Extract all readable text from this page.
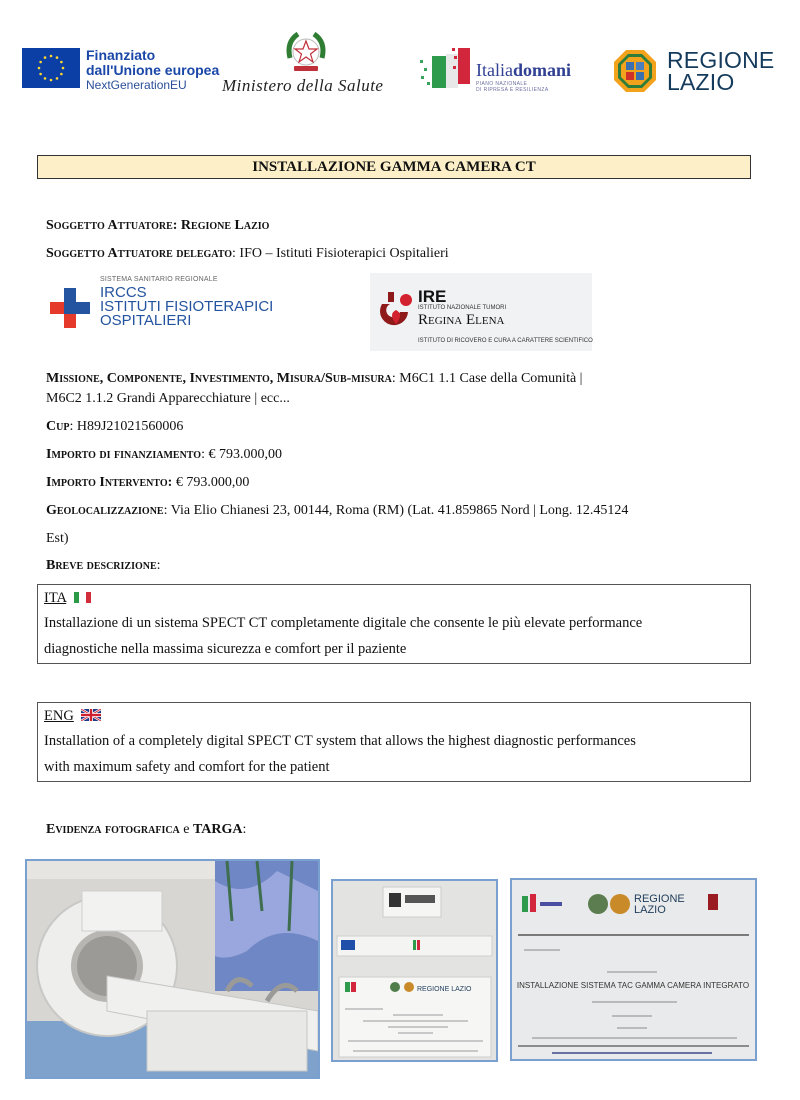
Finanziato
dall'Unione europea
NextGenerationEU	Ministero della Salute
Italiadomani
PIANO NAZIONALE
DI RIPRESA E RESILIENZA
REGIONE
LAZIO
INSTALLAZIONE GAMMA CAMERA CT
Soggetto Attuatore: Regione Lazio
Soggetto Attuatore delegato: IFO – Istituti Fisioterapici Ospitalieri
SISTEMA SANITARIO REGIONALE
IRCCS
ISTITUTI FISIOTERAPICI
OSPITALIERI
IRE
ISTITUTO NAZIONALE TUMORI
Regina Elena
ISTITUTO DI RICOVERO E CURA A CARATTERE SCIENTIFICO
Missione, Componente, Investimento, Misura/Sub-misura: M6C1 1.1 Case della Comunità |
M6C2 1.1.2 Grandi Apparecchiature | ecc...
Cup: H89J21021560006
Importo di finanziamento: € 793.000,00
Importo Intervento: € 793.000,00
Geolocalizzazione: Via Elio Chianesi 23, 00144, Roma (RM) (Lat. 41.859865 Nord | Long. 12.45124
Est)
Breve descrizione:
ITA
Installazione di un sistema SPECT CT completamente digitale che consente le più elevate performance
diagnostiche nella massima sicurezza e comfort per il paziente
ENG
Installation of a completely digital SPECT CT system that allows the highest diagnostic performances
with maximum safety and comfort for the patient
Evidenza fotografica e TARGA:
REGIONE LAZIO
REGIONE
LAZIO
INSTALLAZIONE SISTEMA TAC GAMMA CAMERA INTEGRATO
